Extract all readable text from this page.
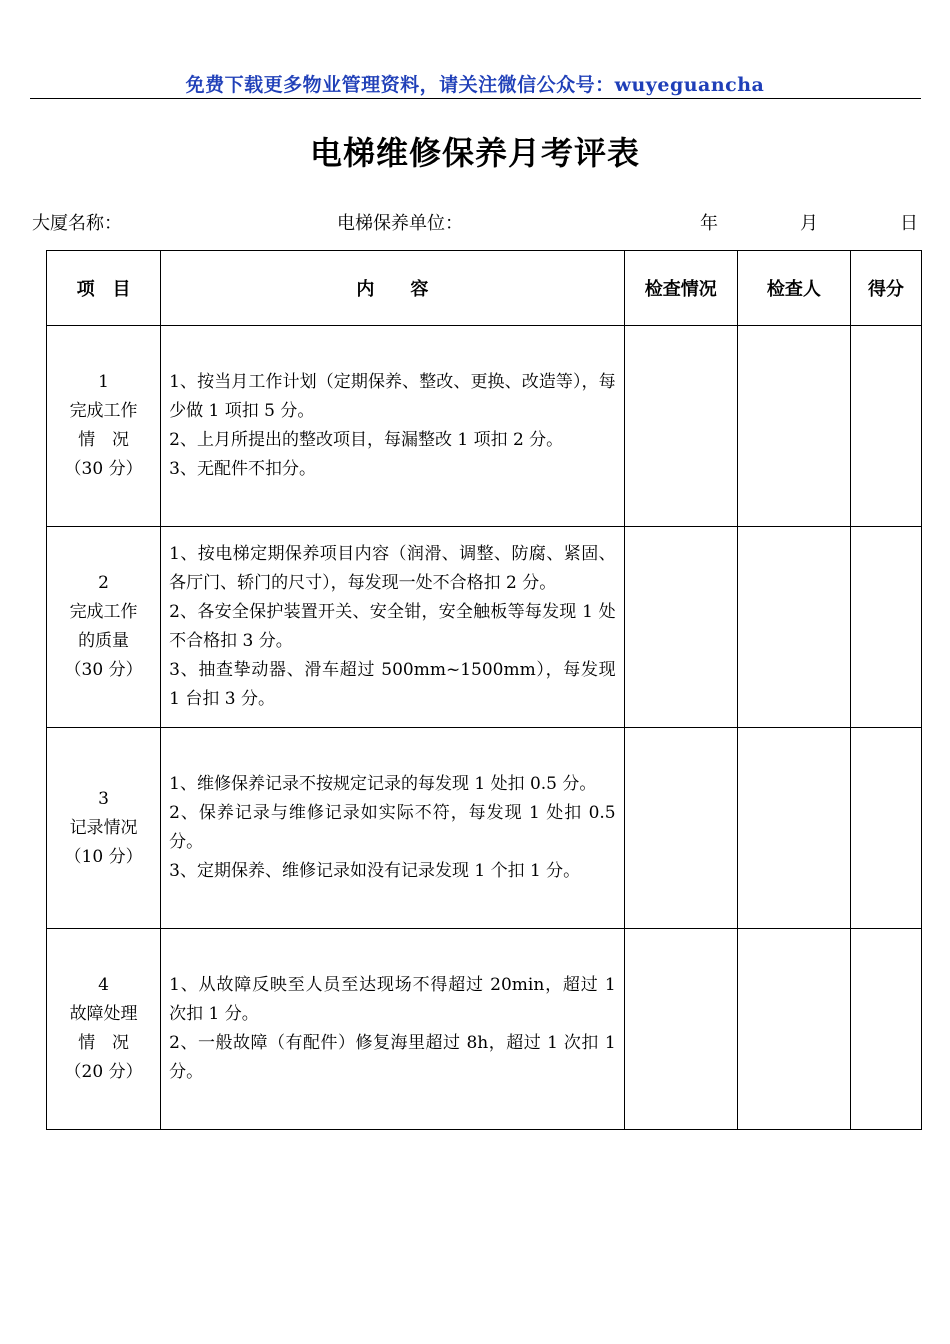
免费下载更多物业管理资料，请关注微信公众号：wuyeguancha
电梯维修保养月考评表
大厦名称：	电梯保养单位：	年	月	日
项　目	内　　容	检查情况	检查人	得分

1
完成工作
情　况
（30 分）	1、按当月工作计划（定期保养、整改、更换、改造等），每少做 1 项扣 5 分。
2、上月所提出的整改项目，每漏整改 1 项扣 2 分。
3、无配件不扣分。			

2
完成工作
的质量
（30 分）	1、按电梯定期保养项目内容（润滑、调整、防腐、紧固、各厅门、轿门的尺寸），每发现一处不合格扣 2 分。
2、各安全保护装置开关、安全钳，安全触板等每发现 1 处不合格扣 3 分。
3、抽查挚动器、滑车超过 500mm~1500mm），每发现 1 台扣 3 分。			

3
记录情况
（10 分）	1、维修保养记录不按规定记录的每发现 1 处扣 0.5 分。
2、保养记录与维修记录如实际不符，每发现 1 处扣 0.5 分。
3、定期保养、维修记录如没有记录发现 1 个扣 1 分。			

4
故障处理
情　况
（20 分）	1、从故障反映至人员至达现场不得超过 20min，超过 1 次扣 1 分。
2、一般故障（有配件）修复海里超过 8h，超过 1 次扣 1 分。			
